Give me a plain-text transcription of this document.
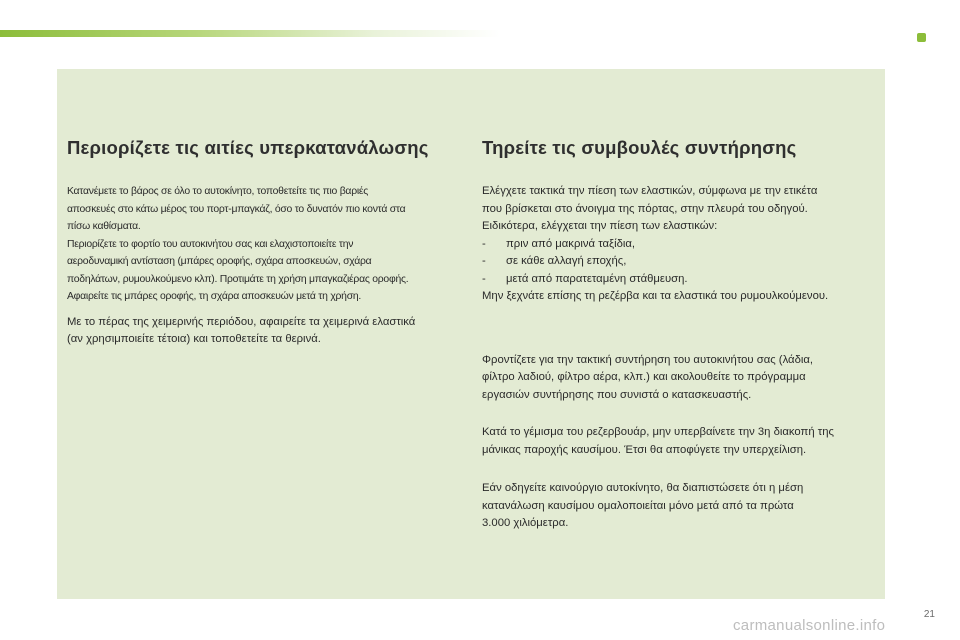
Περιορίζετε τις αιτίες υπερκατανάλωσης

Κατανέμετε το βάρος σε όλο το αυτοκίνητο, τοποθετείτε τις πιο βαριές

αποσκευές στο κάτω μέρος του πορτ-μπαγκάζ, όσο το δυνατόν πιο κοντά στα

πίσω καθίσματα.

Περιορίζετε το φορτίο του αυτοκινήτου σας και ελαχιστοποιείτε την

αεροδυναμική αντίσταση (μπάρες οροφής, σχάρα αποσκευών, σχάρα

ποδηλάτων, ρυμουλκούμενο κλπ). Προτιμάτε τη χρήση μπαγκαζιέρας οροφής.

Αφαιρείτε τις μπάρες οροφής, τη σχάρα αποσκευών μετά τη χρήση.

Με το πέρας της χειμερινής περιόδου, αφαιρείτε τα χειμερινά ελαστικά

(αν χρησιμποιείτε τέτοια) και τοποθετείτε τα θερινά.

Τηρείτε τις συμβουλές συντήρησης

Ελέγχετε τακτικά την πίεση των ελαστικών, σύμφωνα με την ετικέτα

που βρίσκεται στο άνοιγμα της πόρτας, στην πλευρά του οδηγού.

Ειδικότερα, ελέγχεται την πίεση των ελαστικών:

-	πριν από μακρινά ταξίδια,
-	σε κάθε αλλαγή εποχής,
-	μετά από παρατεταμένη στάθμευση.

Μην ξεχνάτε επίσης τη ρεζέρβα και τα ελαστικά του ρυμουλκούμενου.

Φροντίζετε για την τακτική συντήρηση του αυτοκινήτου σας (λάδια,

φίλτρο λαδιού, φίλτρο αέρα, κλπ.) και ακολουθείτε το πρόγραμμα

εργασιών συντήρησης που συνιστά ο κατασκευαστής.

Κατά το γέμισμα του ρεζερβουάρ, μην υπερβαίνετε την 3η διακοπή της

μάνικας παροχής καυσίμου. Έτσι θα αποφύγετε την υπερχείλιση.

Εάν οδηγείτε καινούργιο αυτοκίνητο, θα διαπιστώσετε ότι η μέση

κατανάλωση καυσίμου ομαλοποιείται μόνο μετά από τα πρώτα

3.000 χιλιόμετρα.

21
carmanualsonline.info
